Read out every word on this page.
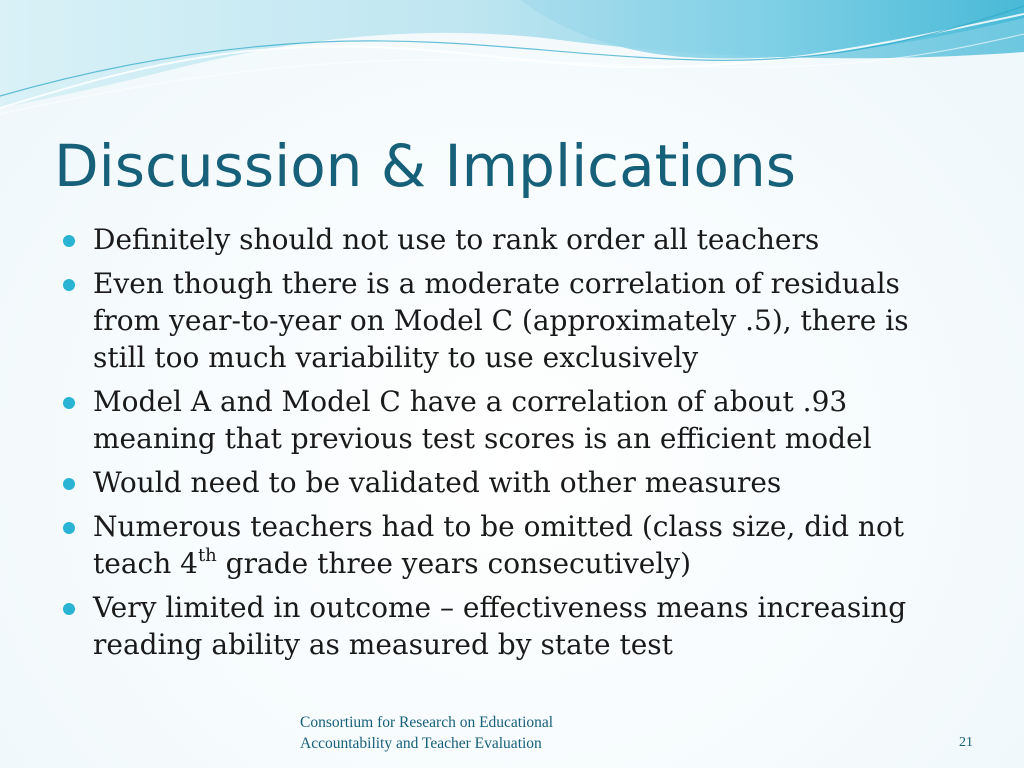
Discussion & Implications
Definitely should not use to rank order all teachers
Even though there is a moderate correlation of residuals
from year-to-year on Model C (approximately .5), there is
still too much variability to use exclusively
Model A and Model C have a correlation of about .93
meaning that previous test scores is an efficient model
Would need to be validated with other measures
Numerous teachers had to be omitted (class size, did not
teach 4th grade three years consecutively)
Very limited in outcome – effectiveness means increasing
reading ability as measured by state test
Consortium for Research on Educational
Accountability and Teacher Evaluation	21
